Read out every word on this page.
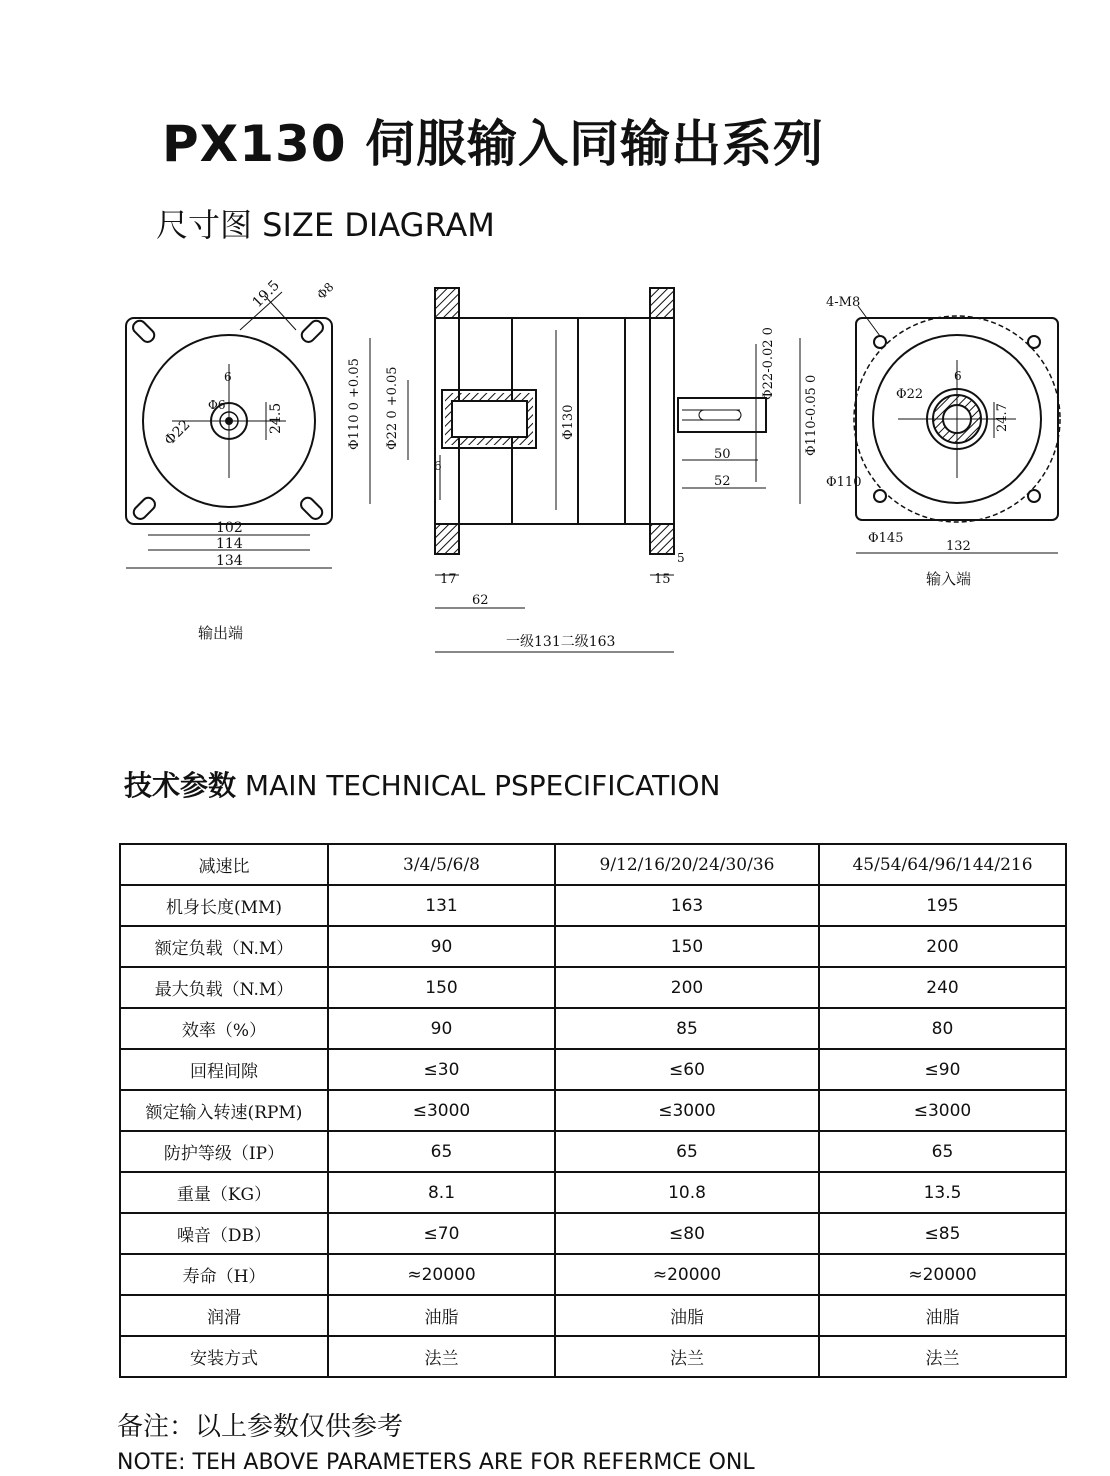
PX130 伺服输入同输出系列
尺寸图 SIZE DIAGRAM
19.5
Φ6
6
24.5
Φ22
Φ8
102
114
134
输出端
Φ110 0 +0.05 Φ22 0 +0.05	Φ130
Φ22-0.02 0
Φ110-0.05 0
6
50
52
17
62
15
5
一级131二级163
4-M8
Φ22
6
24.7
Φ110
Φ145
132
输入端
技术参数 MAIN TECHNICAL PSPECIFICATION
减速比	3/4/5/6/8	9/12/16/20/24/30/36	45/54/64/96/144/216
机身长度(MM)	131	163	195
额定负载（N.M）	90	150	200
最大负载（N.M）	150	200	240
效率（%）	90	85	80
回程间隙	≤30	≤60	≤90
额定输入转速(RPM)	≤3000	≤3000	≤3000
防护等级（IP）	65	65	65
重量（KG）	8.1	10.8	13.5
噪音（DB）	≤70	≤80	≤85
寿命（H）	≈20000	≈20000	≈20000
润滑	油脂	油脂	油脂
安装方式	法兰	法兰	法兰
备注：以上参数仅供参考
NOTE: TEH ABOVE PARAMETERS ARE FOR REFERMCE ONL
